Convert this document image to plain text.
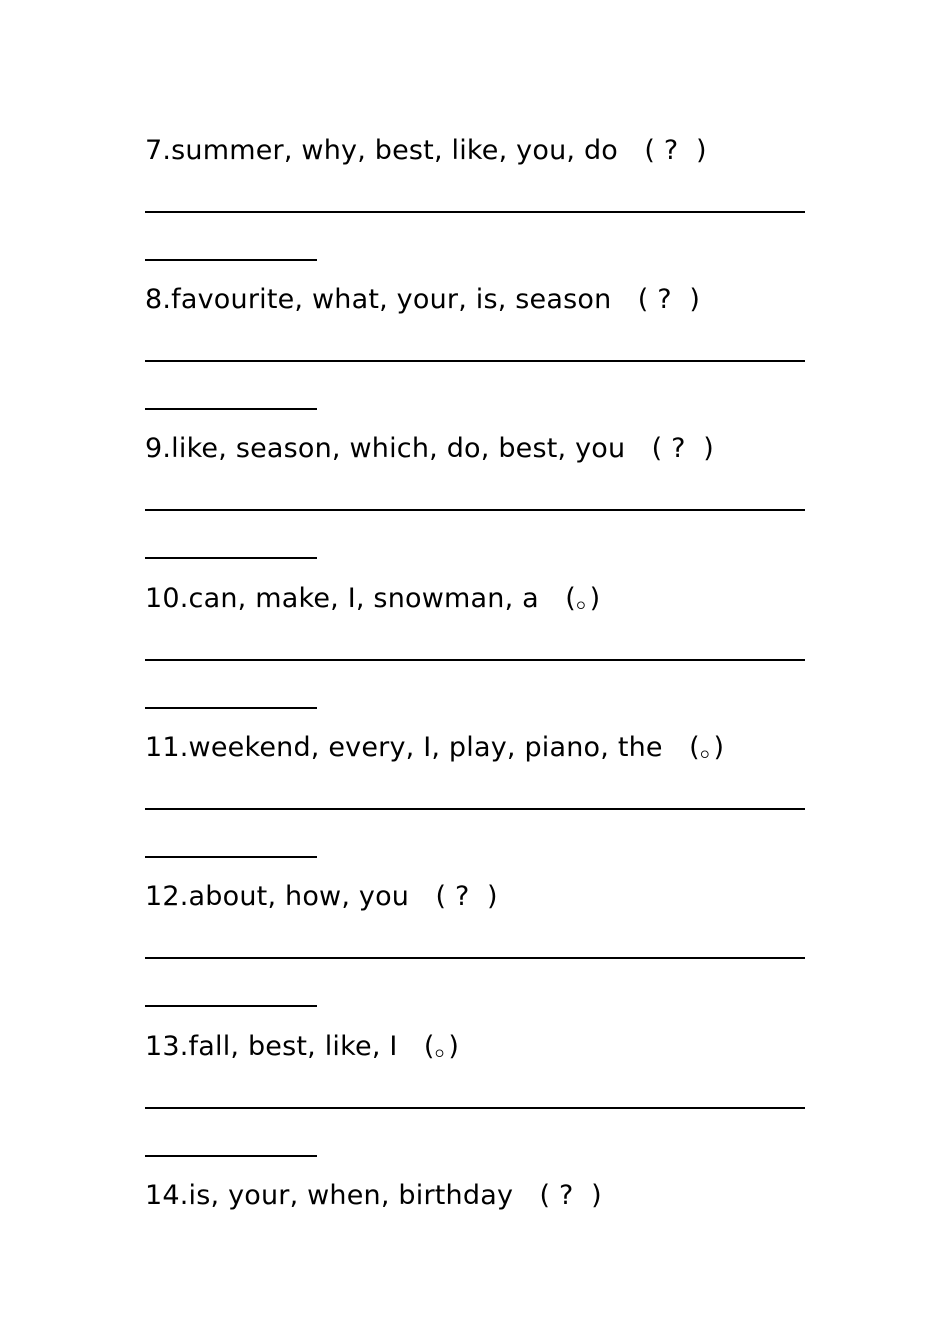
7.summer, why, best, like, you, do   ( ?  )
8.favourite, what, your, is, season   ( ?  )
9.like, season, which, do, best, you   ( ?  )
10.can, make, I, snowman, a   (。)
11.weekend, every, I, play, piano, the   (。)
12.about, how, you   ( ?  )
13.fall, best, like, I   (。)
14.is, your, when, birthday   ( ?  )
